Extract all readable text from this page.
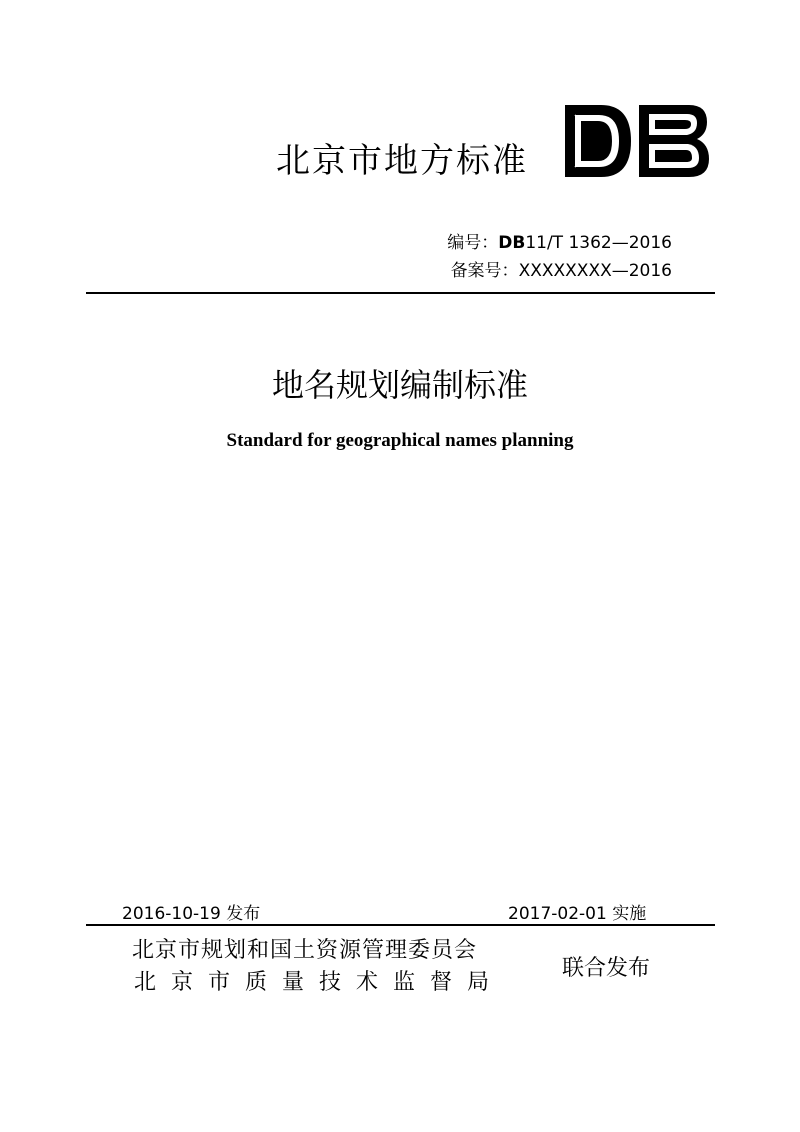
北京市地方标准
编号：DB11/T 1362—2016
备案号：XXXXXXXX—2016
地名规划编制标准
Standard for geographical names planning
2016-10-19 发布	2017-02-01 实施
北京市规划和国土资源管理委员会
北京市质量技术监督局
联合发布
